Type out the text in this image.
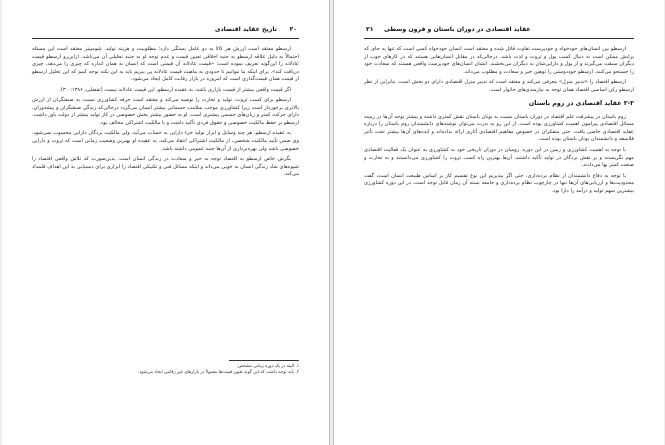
۲۰
تاریخ عقاید اقتصادی

ارسطو معتقد است ارزش هر کالا به دو عامل بستگی دارد: مطلوبیت و هزینه تولید. شومپیتر معتقد است این مسئله احتمالاً به دلیل علاقه ارسطو به جنبه اخلاقی تعیین قیمت و عدم توجه او به جنبه تحلیلی آن می‌باشد. ازاین‌رو ارسطو قیمت عادلانه را این‌گونه تعریف نموده است: «قیمت عادلانه آن قیمتی است که انسان به همان اندازه که چیزی را می‌دهد، چیزی دریافت کند». برای اینکه ما بتوانیم تا حدودی به ماهیت قیمت عادلانه پی ببریم باید به این نکته توجه کنیم که این تحلیل ارسطو از قیمت همان قیمت‌گذاری است که امروزه در بازار رقابت کامل ایجاد می‌شود.

اگر قیمت واقعی بیشتر از قیمت بازاری باشد، به عقیده ارسطو، این قیمت عادلانه نیست (تفضلی، ۱۳۸۶: ۳۰).

ارسطو برای کسب ثروت، تولید و تجارت را توصیه می‌کند و معتقد است حرفه کشاورزی نسبت به صنعتگران از ارزش بالاتری برخوردار است زیرا کشاورزی موجب سلامت جسمانی بیشتر انسان می‌گردد درحالی‌که زندگی صنعتگران و پیشه‌وران، دارای حرکت کمتر و زیان‌های جسمی بیشتری است. او به حضور بیشتر بخش خصوصی در کار تولید بیشتر از دولت باور داشت. ارسطو بر حفظ مالکیت خصوصی و حقوق فردی تأکید داشت و با مالکیت اشتراکی مخالف بود.

به عقیده ارسطو، هر چند وسایل و ابزار تولید جزء دارایی به حساب می‌آید، ولی مالکیت بردگان دارایی محسوب نمی‌شود. وی ضمن تأیید مالکیت شخصی، از مالکیت اشتراکی انتقاد می‌کند. به عقیده او بهترین وضعیت زمانی است که ثروت و دارایی خصوصی باشد ولی بهره‌برداری از آن‌ها جنبه عمومی داشته باشد.

نگرش خاص ارسطو به اقتصاد توجه به خیر و سعادت در زندگی انسان است. بدین‌صورت که تلاش واقعی اقتصاد را شیوه‌های شاد زندگی انسان به خوبی می‌داند و اینکه مسائل فنی و تکنیکی اقتصاد را ابزاری برای دستیابی به این اهداف قلمداد می‌کند.

۱. البته در یک دوره زمانی مشخص.
۲. باید توجه داشت که این گونه تعیین قیمت‌ها معمولاً در بازارهای غیر رقابتی ایجاد می‌شود.
۲۱ عقاید اقتصادی در دوران باستان و قرون وسطی

ارسطو بین انسان‌های خودخواه و خودپرست تفاوت قائل شده و معتقد است انسان خودخواه کسی است که تنها به جای که برایش ممکن است به دنبال کسب پول و ثروت و لذت باشد. درحالی‌که در مقابل انسان‌هایی هستند که در کارهای خوب از دیگران سبقت می‌گیرند و از پول و دارایی‌شان به دیگران می‌بخشند. ایشان انسان‌های خودپرست واقعی هستند که سعادت خود را جستجو می‌کنند. ارسطو خوددوستی را توهین خیر و سعادت و مطلوب می‌داند.

ارسطو اقتصاد را «تدبیر منزل» معرفی می‌کند و معتقد است که تدبیر منزل اقتصادی دارای دو بخش است. بنابراین از نظر ارسطو رکن اساسی اقتصاد همان توجه به نیازمندی‌های خانوار است.

۲-۲ عقاید اقتصادی در روم باستان

روم باستان در پیشرفت علم اقتصاد در دوران باستان نسبت به یونان باستان نقش کمتری داشته و بیشتر توجه آن‌ها در زمینه مسائل اقتصادی پیرامون اهمیت کشاورزی بوده است. از این رو به ندرت می‌توان نوشته‌های دانشمندان روم باستان را درباره عقاید اقتصادی خاصی یافت. حتی متفکران در خصوص مفاهیم اقتصادی آثاری ارائه نداده‌اند و ایده‌های آن‌ها بیشتر تحت تأثیر فلاسفه و دانشمندان یونان باستان بوده است.

با توجه به اهمیت کشاورزی و زمین در این دوره، رومیان در دوران تاریخی خود به کشاورزی به عنوان یک فعالیت اقتصادی مهم نگریستند و بر نقش بردگان در تولید تأکید داشتند. آن‌ها بهترین راه کسب ثروت را کشاورزی می‌دانستند و به تجارت و صنعت کمتر بها می‌دادند.

با توجه به دفاع دانشمندان از نظام برده‌داری، حتی اگر بپذیریم این نوع تقسیم کار بر اساس طبیعت انسان است، گفت محدودیت‌ها و ارزیابی‌های آن‌ها تنها در چارچوب نظام برده‌داری و جامعه بسته آن زمان قابل توجه است. در این دوره کشاورزی بیشترین سهم تولید و درآمد را دارا بود.
